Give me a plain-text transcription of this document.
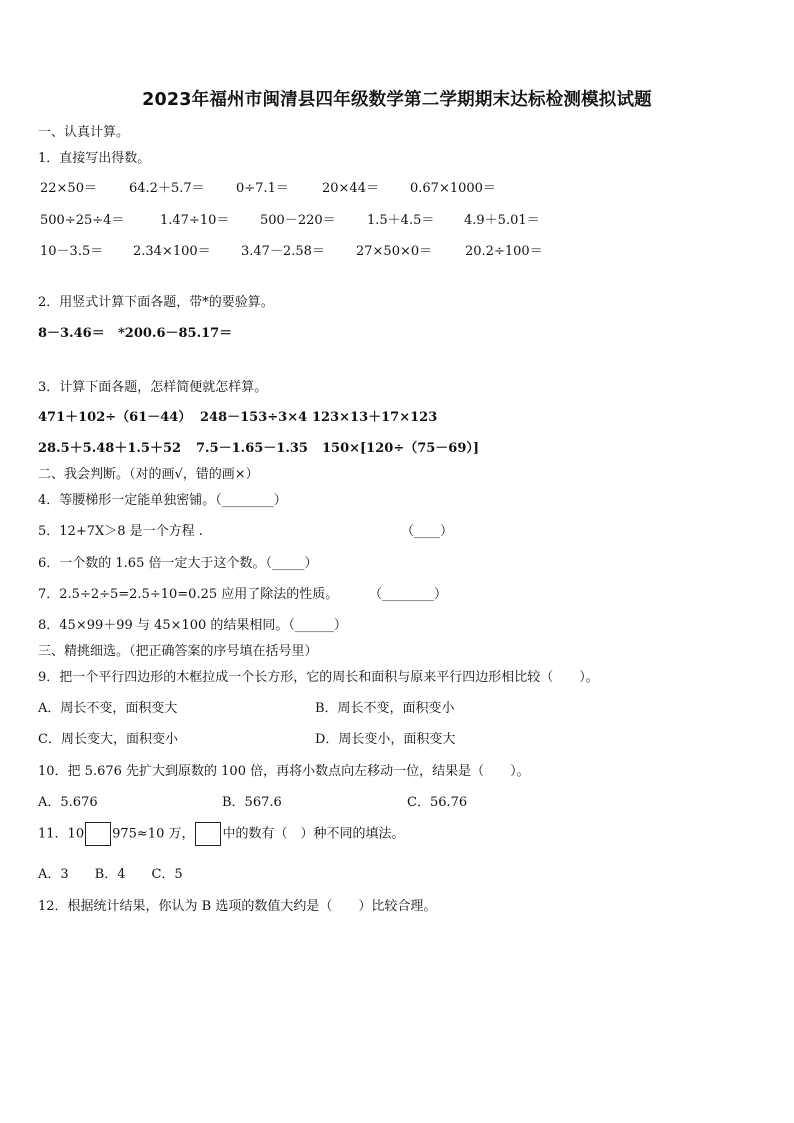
2023年福州市闽清县四年级数学第二学期期末达标检测模拟试题
一、认真计算。
1．直接写出得数。
22×50＝ 64.2＋5.7＝ 0÷7.1＝	20×44＝ 0.67×1000＝
500÷25÷4＝	1.47÷10＝ 500－220＝ 1.5＋4.5＝ 4.9＋5.01＝
10－3.5＝ 2.34×100＝ 3.47－2.58＝ 27×50×0＝	20.2÷100＝
2．用竖式计算下面各题，带*的要验算。
8－3.46＝ *200.6－85.17＝
3．计算下面各题，怎样简便就怎样算。
471＋102÷（61－44） 248－153÷3×4 123×13＋17×123
28.5＋5.48＋1.5＋52 7.5－1.65－1.35 150×[120÷（75－69）]
二、我会判断。（对的画√，错的画×）
4．等腰梯形一定能单独密铺。（________）
5．12+7X＞8 是一个方程 .	（____）
6．一个数的 1.65 倍一定大于这个数。（_____）
7．2.5÷2÷5=2.5÷10=0.25 应用了除法的性质。 （________）
8．45×99＋99 与 45×100 的结果相同。（______）
三、精挑细选。（把正确答案的序号填在括号里）
9．把一个平行四边形的木框拉成一个长方形，它的周长和面积与原来平行四边形相比较（　　）。
A．周长不变，面积变大	B．周长不变，面积变小
C．周长变大，面积变小	D．周长变小，面积变大
10．把 5.676 先扩大到原数的 100 倍，再将小数点向左移动一位，结果是（　　）。
A．5.676	B．567.6	C．56.76
11．10 975≈10 万， 中的数有（　）种不同的填法。
A．3　　B．4　　C．5
12．根据统计结果，你认为 B 选项的数值大约是（　　）比较合理。
